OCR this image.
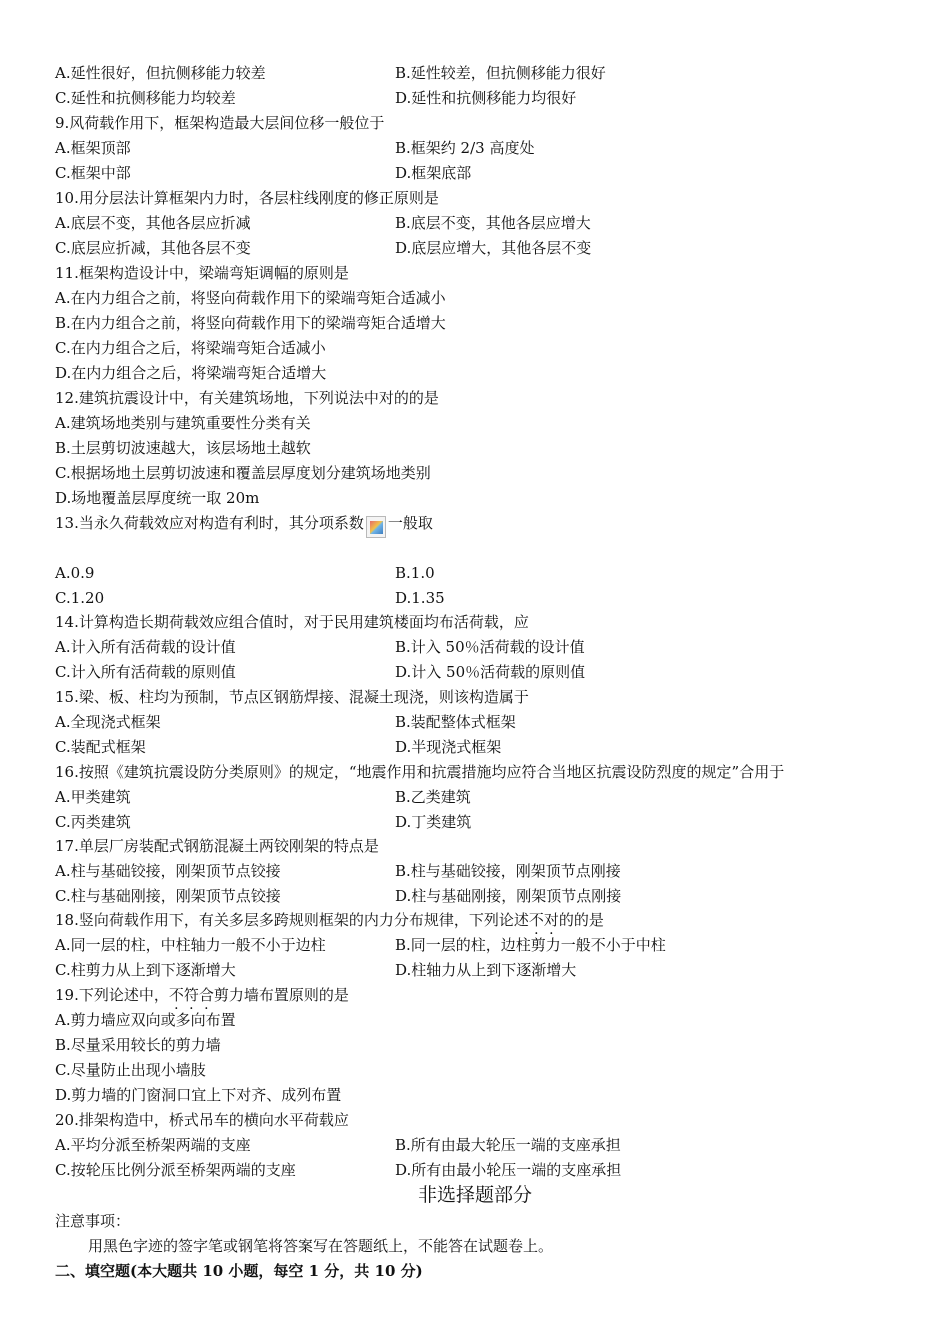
A.延性很好，但抗侧移能力较差	B.延性较差，但抗侧移能力很好
C.延性和抗侧移能力均较差	D.延性和抗侧移能力均很好
9.风荷载作用下，框架构造最大层间位移一般位于
A.框架顶部	B.框架约 2/3 高度处
C.框架中部	D.框架底部
10.用分层法计算框架内力时，各层柱线刚度的修正原则是
A.底层不变，其他各层应折减	B.底层不变，其他各层应增大
C.底层应折减，其他各层不变	D.底层应增大，其他各层不变
11.框架构造设计中，梁端弯矩调幅的原则是
A.在内力组合之前，将竖向荷载作用下的梁端弯矩合适减小
B.在内力组合之前，将竖向荷载作用下的梁端弯矩合适增大
C.在内力组合之后，将梁端弯矩合适减小
D.在内力组合之后，将梁端弯矩合适增大
12.建筑抗震设计中，有关建筑场地，下列说法中对的的是
A.建筑场地类别与建筑重要性分类有关
B.土层剪切波速越大，该层场地土越软
C.根据场地土层剪切波速和覆盖层厚度划分建筑场地类别
D.场地覆盖层厚度统一取 20m
13.当永久荷载效应对构造有利时，其分项系数 一般取
A.0.9	B.1.0
C.1.20	D.1.35
14.计算构造长期荷载效应组合值时，对于民用建筑楼面均布活荷载，应
A.计入所有活荷载的设计值	B.计入 50％活荷载的设计值
C.计入所有活荷载的原则值	D.计入 50％活荷载的原则值
15.梁、板、柱均为预制，节点区钢筋焊接、混凝土现浇，则该构造属于
A.全现浇式框架	B.装配整体式框架
C.装配式框架	D.半现浇式框架
16.按照《建筑抗震设防分类原则》的规定，“地震作用和抗震措施均应符合当地区抗震设防烈度的规定”合用于
A.甲类建筑	B.乙类建筑
C.丙类建筑	D.丁类建筑
17.单层厂房装配式钢筋混凝土两铰刚架的特点是
A.柱与基础铰接，刚架顶节点铰接	B.柱与基础铰接，刚架顶节点刚接
C.柱与基础刚接，刚架顶节点铰接	D.柱与基础刚接，刚架顶节点刚接
18.竖向荷载作用下，有关多层多跨规则框架的内力分布规律，下列论述不对的的是
A.同一层的柱，中柱轴力一般不小于边柱	B.同一层的柱，边柱剪力一般不小于中柱
C.柱剪力从上到下逐渐增大	D.柱轴力从上到下逐渐增大
19.下列论述中，不符合剪力墙布置原则的是
A.剪力墙应双向或多向布置
B.尽量采用较长的剪力墙
C.尽量防止出现小墙肢
D.剪力墙的门窗洞口宜上下对齐、成列布置
20.排架构造中，桥式吊车的横向水平荷载应
A.平均分派至桥架两端的支座	B.所有由最大轮压一端的支座承担
C.按轮压比例分派至桥架两端的支座	D.所有由最小轮压一端的支座承担
非选择题部分
注意事项：
用黑色字迹的签字笔或钢笔将答案写在答题纸上，不能答在试题卷上。
二、填空题(本大题共 10 小题，每空 1 分，共 10 分)
